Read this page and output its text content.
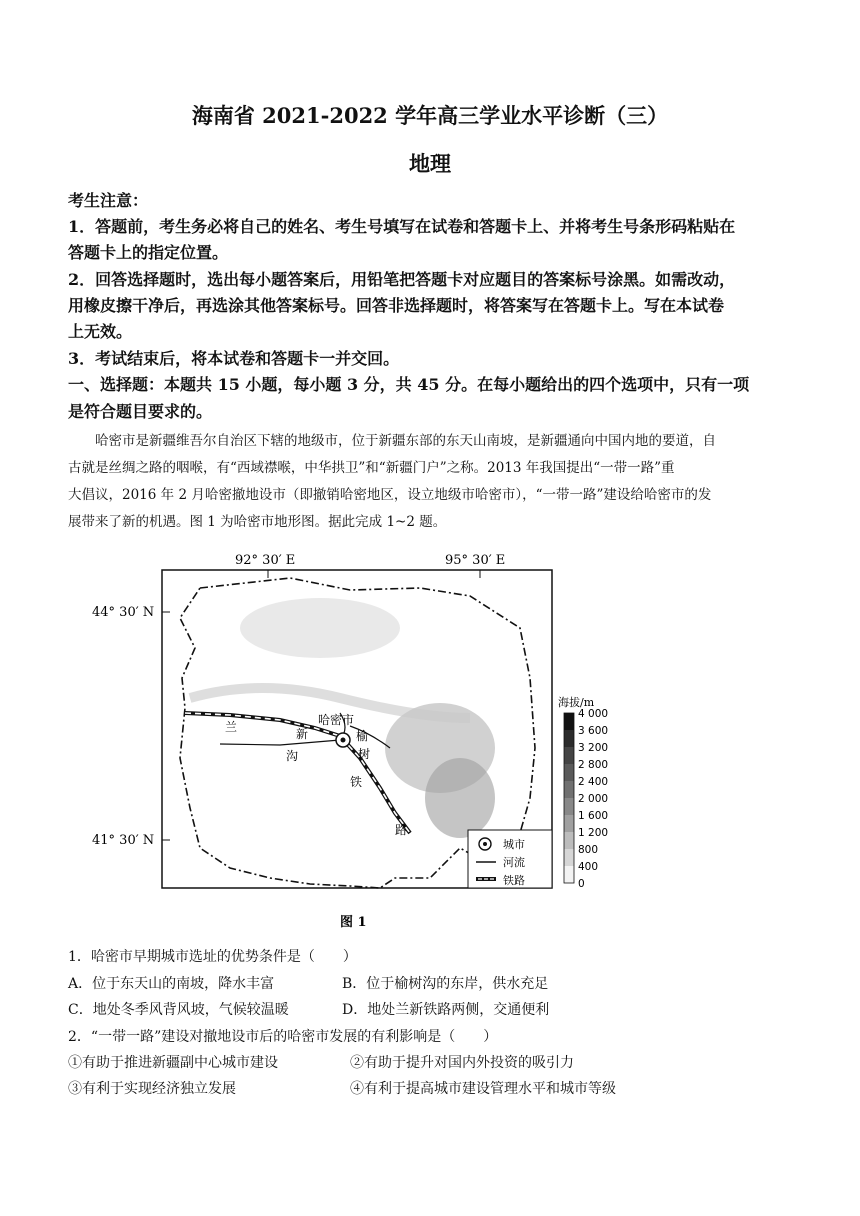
海南省 2021-2022 学年高三学业水平诊断（三）
地理
考生注意：
1．答题前，考生务必将自己的姓名、考生号填写在试卷和答题卡上、并将考生号条形码粘贴在
答题卡上的指定位置。
2．回答选择题时，选出每小题答案后，用铅笔把答题卡对应题目的答案标号涂黑。如需改动，
用橡皮擦干净后，再选涂其他答案标号。回答非选择题时，将答案写在答题卡上。写在本试卷
上无效。
3．考试结束后，将本试卷和答题卡一并交回。
一、选择题：本题共 15 小题，每小题 3 分，共 45 分。在每小题给出的四个选项中，只有一项
是符合题目要求的。
　　哈密市是新疆维吾尔自治区下辖的地级市，位于新疆东部的东天山南坡，是新疆通向中国内地的要道，自
古就是丝绸之路的咽喉，有“西域襟喉，中华拱卫”和“新疆门户”之称。2013 年我国提出“一带一路”重
大倡议，2016 年 2 月哈密撤地设市（即撤销哈密地区，设立地级市哈密市），“一带一路”建设给哈密市的发
展带来了新的机遇。图 1 为哈密市地形图。据此完成 1~2 题。
92° 30′ E	95° 30′ E
44° 30′ N
41° 30′ N
哈密市
兰	新
铁
路
榆
树
沟
城市
河流
铁路
海拔/m
4 000
3 600
3 200
2 800
2 400
2 000
1 600
1 200
800
400
0
图 1
1．哈密市早期城市选址的优势条件是（　　）
A．位于东天山的南坡，降水丰富	B．位于榆树沟的东岸，供水充足
C．地处冬季风背风坡，气候较温暖	D．地处兰新铁路两侧，交通便利
2．“一带一路”建设对撤地设市后的哈密市发展的有利影响是（　　）
①有助于推进新疆副中心城市建设	②有助于提升对国内外投资的吸引力
③有利于实现经济独立发展	④有利于提高城市建设管理水平和城市等级
